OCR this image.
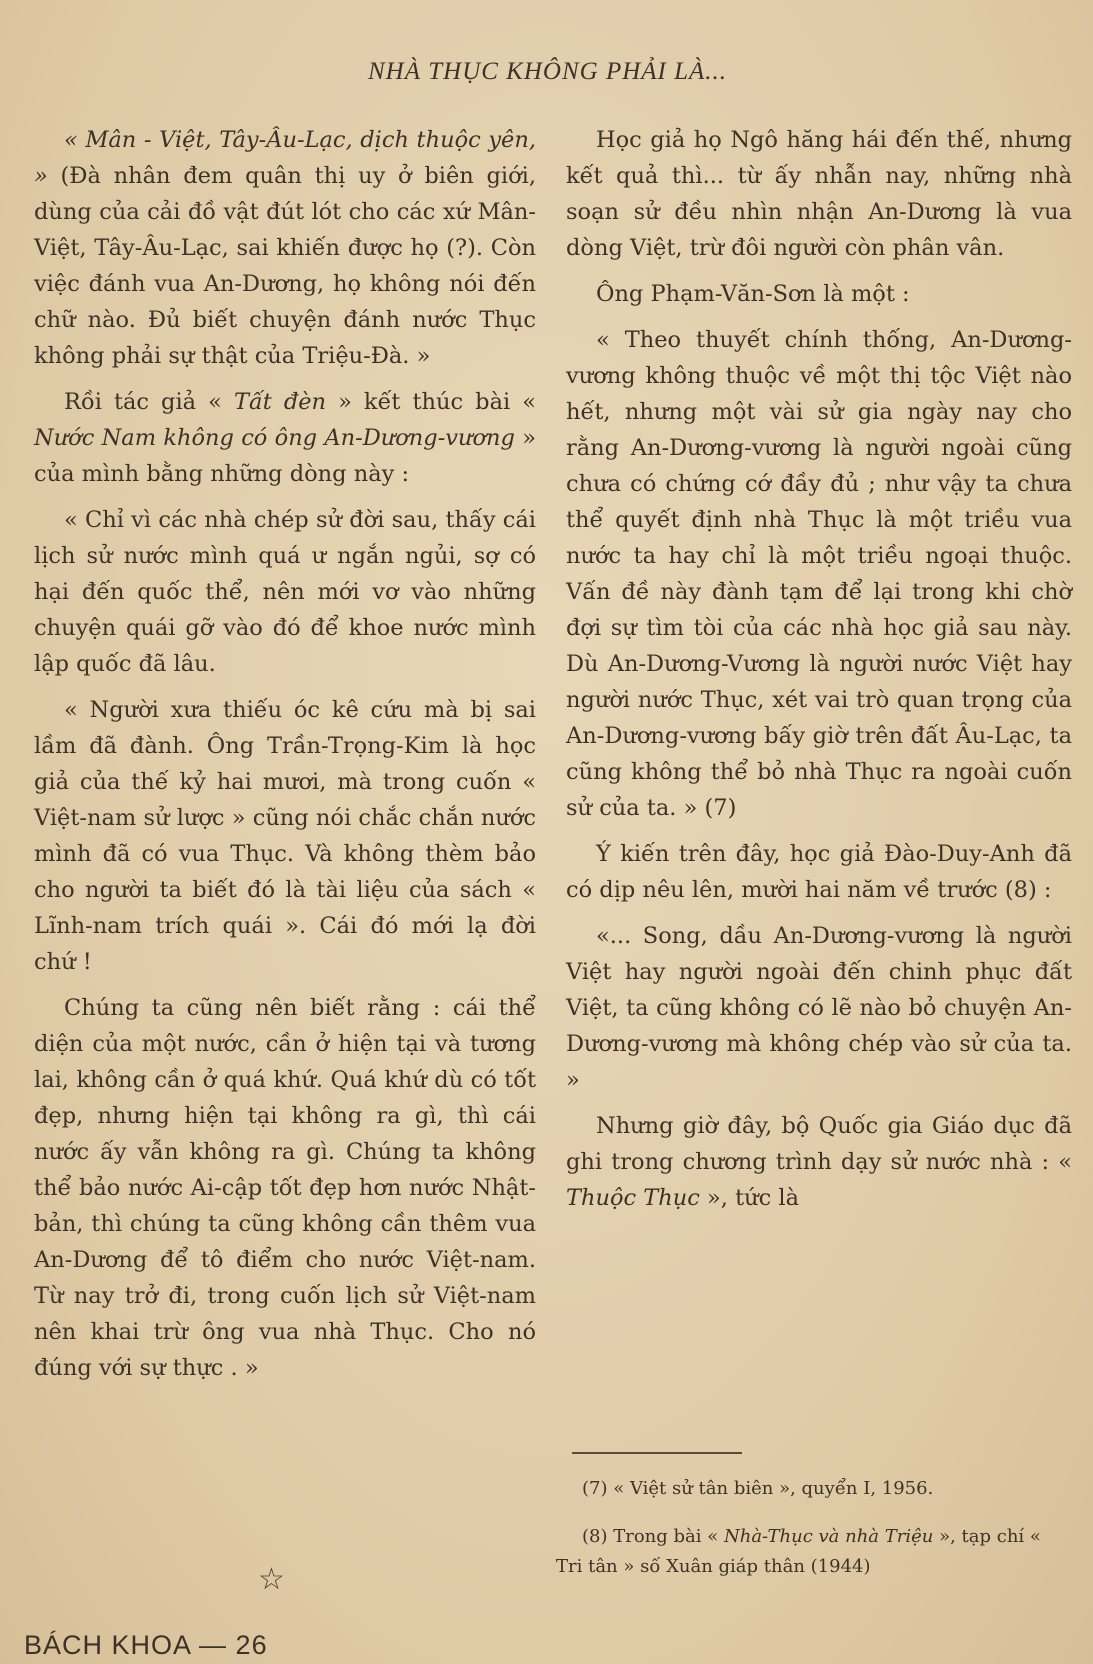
NHÀ THỤC KHÔNG PHẢI LÀ...

« Mân - Việt, Tây-Âu-Lạc, dịch thuộc yên, » (Đà nhân đem quân thị uy ở biên giới, dùng của cải đồ vật đút lót cho các xứ Mân-Việt, Tây-Âu-Lạc, sai khiến được họ (?). Còn việc đánh vua An-Dương, họ không nói đến chữ nào. Đủ biết chuyện đánh nước Thục không phải sự thật của Triệu-Đà. »

Rồi tác giả « Tất đèn » kết thúc bài « Nước Nam không có ông An-Dương-vương » của mình bằng những dòng này :

« Chỉ vì các nhà chép sử đời sau, thấy cái lịch sử nước mình quá ư ngắn ngủi, sợ có hại đến quốc thể, nên mới vơ vào những chuyện quái gỡ vào đó để khoe nước mình lập quốc đã lâu.

« Người xưa thiếu óc kê cứu mà bị sai lầm đã đành. Ông Trần-Trọng-Kim là học giả của thế kỷ hai mươi, mà trong cuốn « Việt-nam sử lược » cũng nói chắc chắn nước mình đã có vua Thục. Và không thèm bảo cho người ta biết đó là tài liệu của sách « Lĩnh-nam trích quái ». Cái đó mới lạ đời chứ !

Chúng ta cũng nên biết rằng : cái thể diện của một nước, cần ở hiện tại và tương lai, không cần ở quá khứ. Quá khứ dù có tốt đẹp, nhưng hiện tại không ra gì, thì cái nước ấy vẫn không ra gì. Chúng ta không thể bảo nước Ai-cập tốt đẹp hơn nước Nhật-bản, thì chúng ta cũng không cần thêm vua An-Dương để tô điểm cho nước Việt-nam. Từ nay trở đi, trong cuốn lịch sử Việt-nam nên khai trừ ông vua nhà Thục. Cho nó đúng với sự thực . »

☆

Học giả họ Ngô hăng hái đến thế, nhưng kết quả thì... từ ấy nhẫn nay, những nhà soạn sử đều nhìn nhận An-Dương là vua dòng Việt, trừ đôi người còn phân vân.

Ông Phạm-Văn-Sơn là một :

« Theo thuyết chính thống, An-Dương-vương không thuộc về một thị tộc Việt nào hết, nhưng một vài sử gia ngày nay cho rằng An-Dương-vương là người ngoài cũng chưa có chứng cớ đầy đủ ; như vậy ta chưa thể quyết định nhà Thục là một triều vua nước ta hay chỉ là một triều ngoại thuộc. Vấn đề này đành tạm để lại trong khi chờ đợi sự tìm tòi của các nhà học giả sau này. Dù An-Dương-Vương là người nước Việt hay người nước Thục, xét vai trò quan trọng của An-Dương-vương bấy giờ trên đất Âu-Lạc, ta cũng không thể bỏ nhà Thục ra ngoài cuốn sử của ta. » (7)

Ý kiến trên đây, học giả Đào-Duy-Anh đã có dịp nêu lên, mười hai năm về trước (8) :

«... Song, dầu An-Dương-vương là người Việt hay người ngoài đến chinh phục đất Việt, ta cũng không có lẽ nào bỏ chuyện An-Dương-vương mà không chép vào sử của ta. »

Nhưng giờ đây, bộ Quốc gia Giáo dục đã ghi trong chương trình dạy sử nước nhà : « Thuộc Thục », tức là

(7) « Việt sử tân biên », quyển I, 1956.

(8) Trong bài « Nhà-Thục và nhà Triệu », tạp chí « Tri tân » số Xuân giáp thân (1944)

BÁCH KHOA — 26
